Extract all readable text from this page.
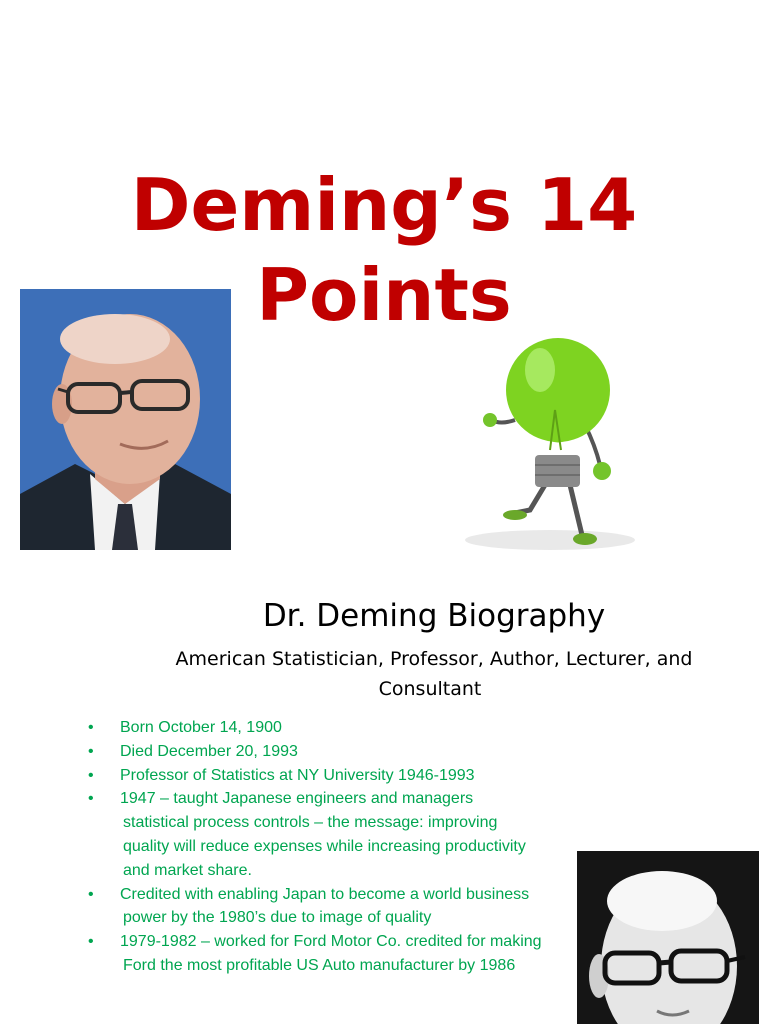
Deming’s 14
Points
Dr. Deming Biography
American Statistician, Professor, Author, Lecturer, and
Consultant
• Born October 14, 1900
• Died December 20, 1993
• Professor of Statistics at NY University 1946-1993
• 1947 – taught Japanese engineers and managers
statistical process controls – the message: improving
quality will reduce expenses while increasing productivity
and market share.
• Credited with enabling Japan to become a world business
power by the 1980’s due to image of quality
• 1979-1982 – worked for Ford Motor Co. credited for making
Ford the most profitable US Auto manufacturer by 1986
